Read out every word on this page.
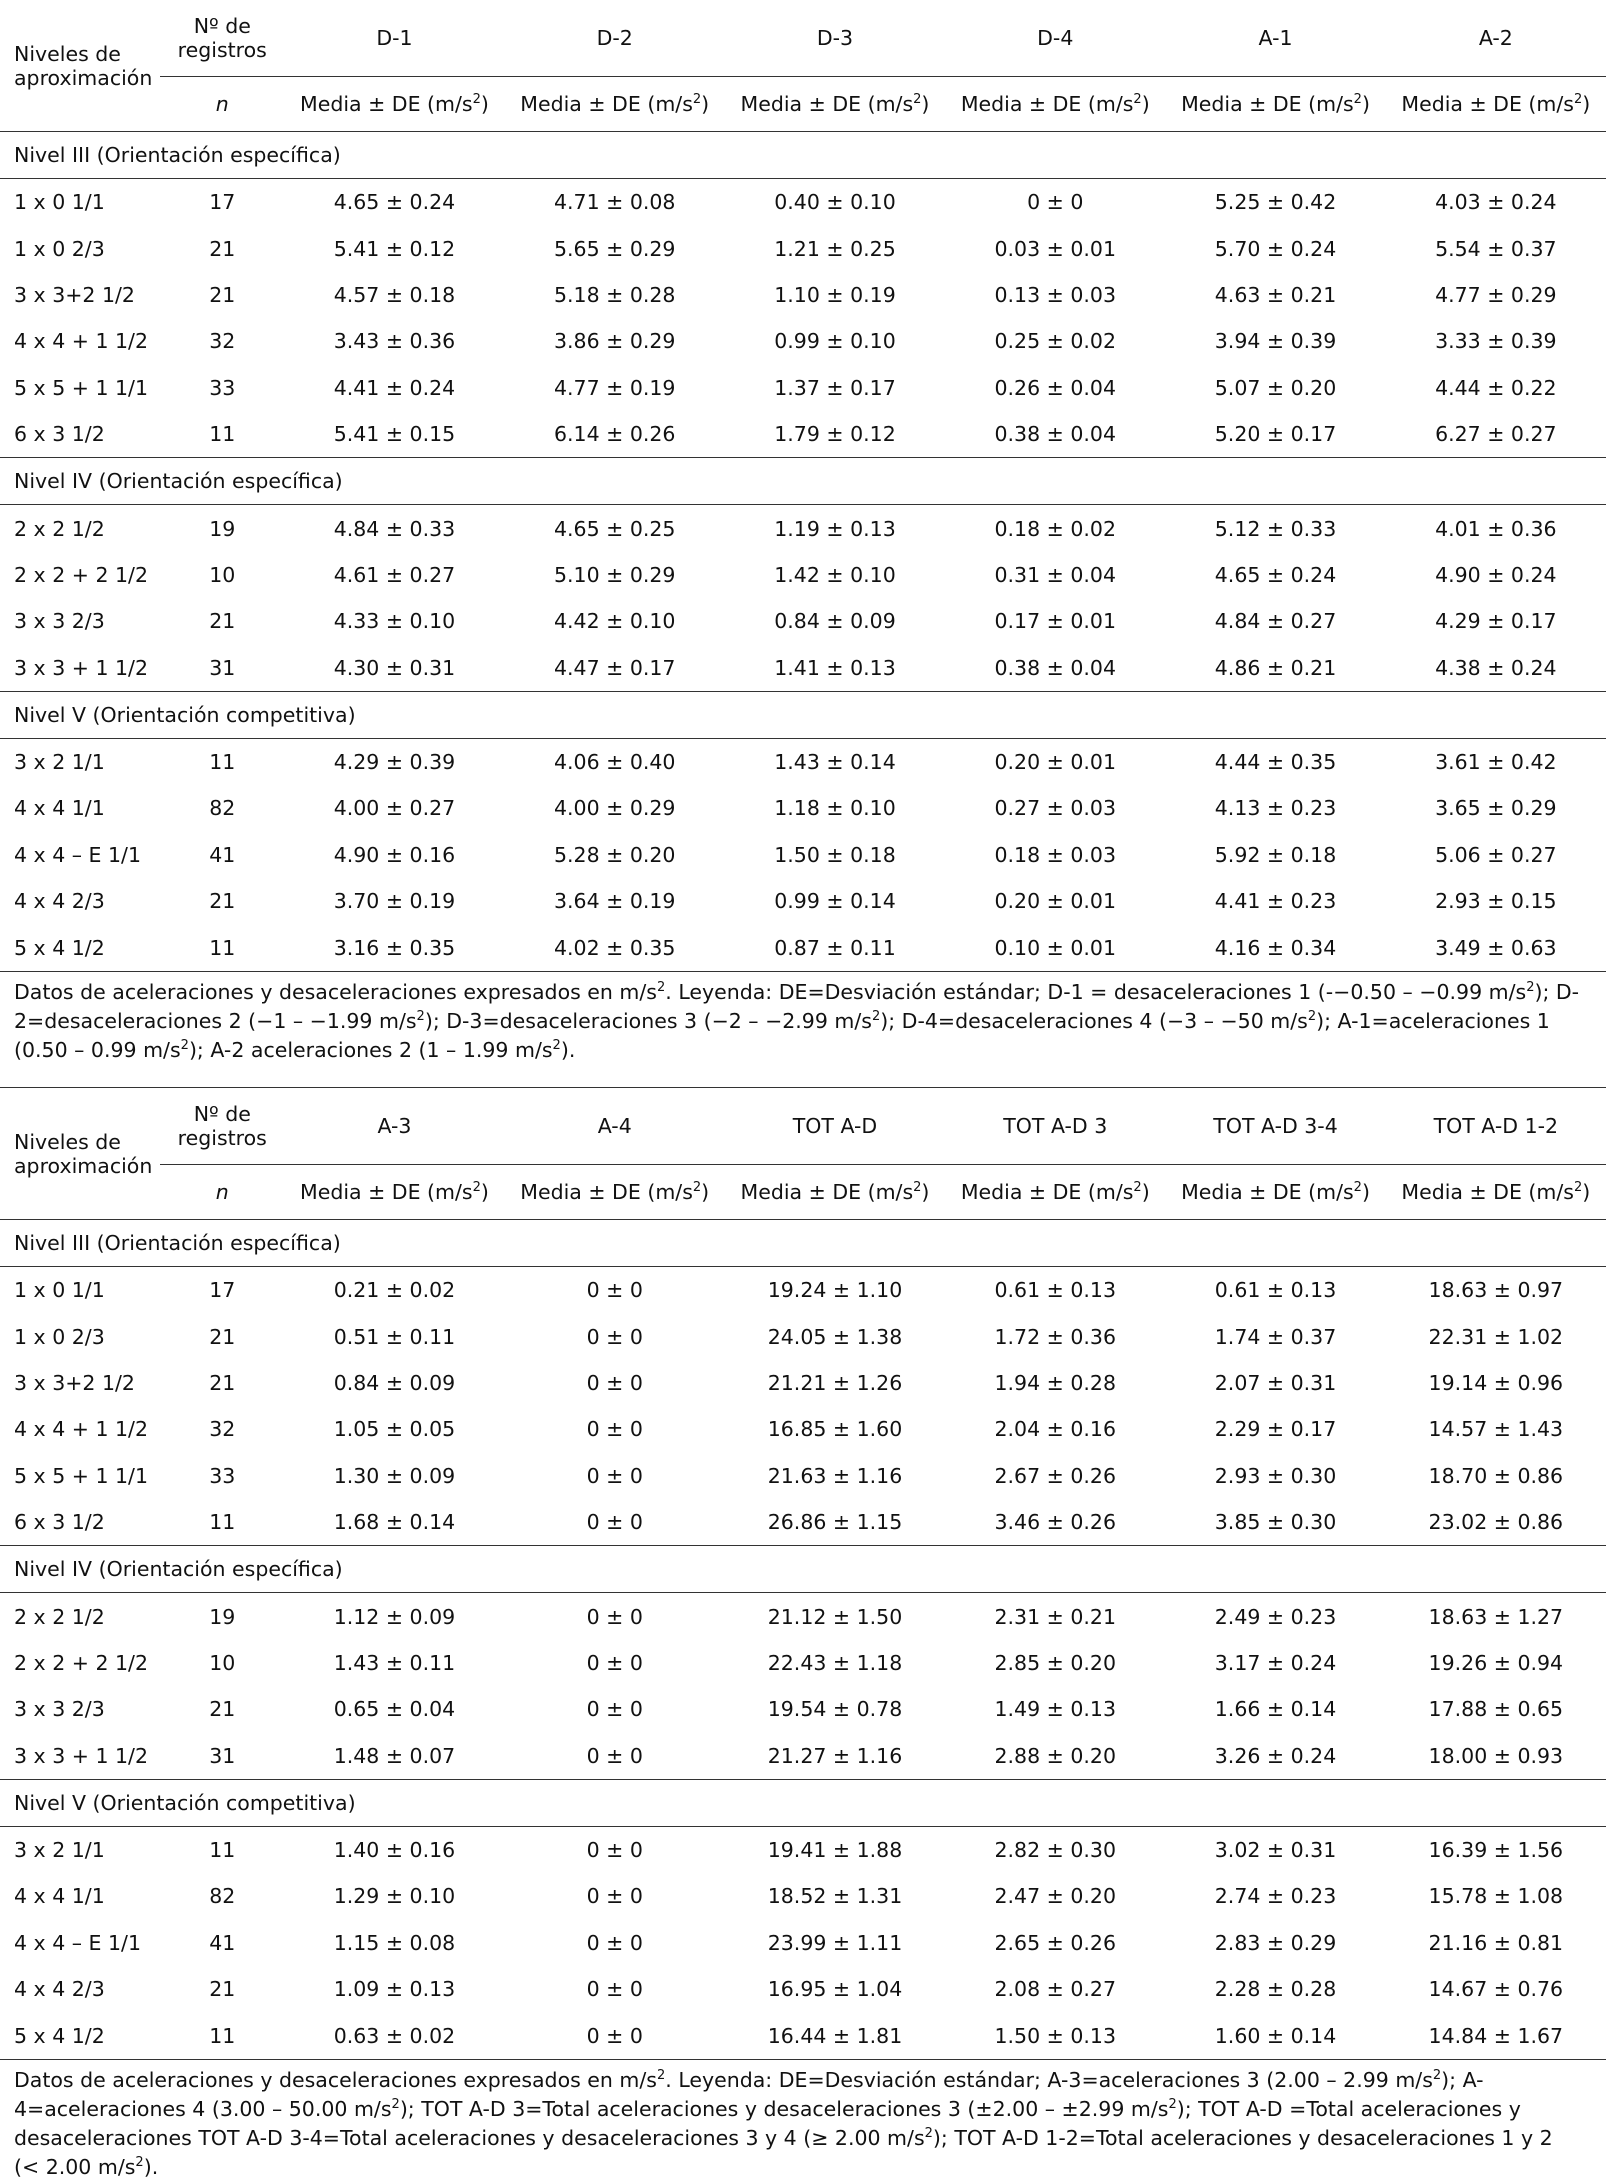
Niveles de aproximación	Nº de registros	D-1	D-2	D-3	D-4	A-1	A-2
	n	Media ± DE $(m/s^2)$	Media ± DE $(m/s^2)$	Media ± DE $(m/s^2)$	Media ± DE $(m/s^2)$	Media ± DE $(m/s^2)$	Media ± DE $(m/s^2)$
Nivel III (Orientación específica)							
1 x 0 1/1	17	4.65 ± 0.24	4.71 ± 0.08	0.40 ± 0.10	0 ± 0	5.25 ± 0.42	4.03 ± 0.24
1 x 0 2/3	21	5.41 ± 0.12	5.65 ± 0.29	1.21 ± 0.25	0.03 ± 0.01	5.70 ± 0.24	5.54 ± 0.37
3 x 3+2 1/2	21	4.57 ± 0.18	5.18 ± 0.28	1.10 ± 0.19	0.13 ± 0.03	4.63 ± 0.21	4.77 ± 0.29
4 x 4 + 1 1/2	32	3.43 ± 0.36	3.86 ± 0.29	0.99 ± 0.10	0.25 ± 0.02	3.94 ± 0.39	3.33 ± 0.39
5 x 5 + 1 1/1	33	4.41 ± 0.24	4.77 ± 0.19	1.37 ± 0.17	0.26 ± 0.04	5.07 ± 0.20	4.44 ± 0.22
6 x 3 1/2	11	5.41 ± 0.15	6.14 ± 0.26	1.79 ± 0.12	0.38 ± 0.04	5.20 ± 0.17	6.27 ± 0.27
Nivel IV (Orientación específica)							
2 x 2 1/2	19	4.84 ± 0.33	4.65 ± 0.25	1.19 ± 0.13	0.18 ± 0.02	5.12 ± 0.33	4.01 ± 0.36
2 x 2 + 2 1/2	10	4.61 ± 0.27	5.10 ± 0.29	1.42 ± 0.10	0.31 ± 0.04	4.65 ± 0.24	4.90 ± 0.24
3 x 3 2/3	21	4.33 ± 0.10	4.42 ± 0.10	0.84 ± 0.09	0.17 ± 0.01	4.84 ± 0.27	4.29 ± 0.17
3 x 3 + 1 1/2	31	4.30 ± 0.31	4.47 ± 0.17	1.41 ± 0.13	0.38 ± 0.04	4.86 ± 0.21	4.38 ± 0.24
Nivel V (Orientación competitiva)							
3 x 2 1/1	11	4.29 ± 0.39	4.06 ± 0.40	1.43 ± 0.14	0.20 ± 0.01	4.44 ± 0.35	3.61 ± 0.42
4 x 4 1/1	82	4.00 ± 0.27	4.00 ± 0.29	1.18 ± 0.10	0.27 ± 0.03	4.13 ± 0.23	3.65 ± 0.29
4 x 4 – E 1/1	41	4.90 ± 0.16	5.28 ± 0.20	1.50 ± 0.18	0.18 ± 0.03	5.92 ± 0.18	5.06 ± 0.27
4 x 4 2/3	21	3.70 ± 0.19	3.64 ± 0.19	0.99 ± 0.14	0.20 ± 0.01	4.41 ± 0.23	2.93 ± 0.15
5 x 4 1/2	11	3.16 ± 0.35	4.02 ± 0.35	0.87 ± 0.11	0.10 ± 0.01	4.16 ± 0.34	3.49 ± 0.63
Datos de aceleraciones y desaceleraciones expresados en $m/s^2$. Leyenda: DE=Desviación estándar; D-1 = desaceleraciones 1 (-−0.50 – −0.99 $m/s^2$); D-
2=desaceleraciones 2 (−1 – −1.99 $m/s^2$); D-3=desaceleraciones 3 (−2 – −2.99 $m/s^2$); D-4=desaceleraciones 4 (−3 – −50 $m/s^2$); A-1=aceleraciones 1
(0.50 – 0.99 $m/s^2$); A-2 aceleraciones 2 (1 – 1.99 $m/s^2$).
Niveles de aproximación	Nº de registros	A-3	A-4	TOT A-D	TOT A-D 3	TOT A-D 3-4	TOT A-D 1-2
	n	Media ± DE $(m/s^2)$	Media ± DE $(m/s^2)$	Media ± DE $(m/s^2)$	Media ± DE $(m/s^2)$	Media ± DE $(m/s^2)$	Media ± DE $(m/s^2)$
Nivel III (Orientación específica)							
1 x 0 1/1	17	0.21 ± 0.02	0 ± 0	19.24 ± 1.10	0.61 ± 0.13	0.61 ± 0.13	18.63 ± 0.97
1 x 0 2/3	21	0.51 ± 0.11	0 ± 0	24.05 ± 1.38	1.72 ± 0.36	1.74 ± 0.37	22.31 ± 1.02
3 x 3+2 1/2	21	0.84 ± 0.09	0 ± 0	21.21 ± 1.26	1.94 ± 0.28	2.07 ± 0.31	19.14 ± 0.96
4 x 4 + 1 1/2	32	1.05 ± 0.05	0 ± 0	16.85 ± 1.60	2.04 ± 0.16	2.29 ± 0.17	14.57 ± 1.43
5 x 5 + 1 1/1	33	1.30 ± 0.09	0 ± 0	21.63 ± 1.16	2.67 ± 0.26	2.93 ± 0.30	18.70 ± 0.86
6 x 3 1/2	11	1.68 ± 0.14	0 ± 0	26.86 ± 1.15	3.46 ± 0.26	3.85 ± 0.30	23.02 ± 0.86
Nivel IV (Orientación específica)							
2 x 2 1/2	19	1.12 ± 0.09	0 ± 0	21.12 ± 1.50	2.31 ± 0.21	2.49 ± 0.23	18.63 ± 1.27
2 x 2 + 2 1/2	10	1.43 ± 0.11	0 ± 0	22.43 ± 1.18	2.85 ± 0.20	3.17 ± 0.24	19.26 ± 0.94
3 x 3 2/3	21	0.65 ± 0.04	0 ± 0	19.54 ± 0.78	1.49 ± 0.13	1.66 ± 0.14	17.88 ± 0.65
3 x 3 + 1 1/2	31	1.48 ± 0.07	0 ± 0	21.27 ± 1.16	2.88 ± 0.20	3.26 ± 0.24	18.00 ± 0.93
Nivel V (Orientación competitiva)							
3 x 2 1/1	11	1.40 ± 0.16	0 ± 0	19.41 ± 1.88	2.82 ± 0.30	3.02 ± 0.31	16.39 ± 1.56
4 x 4 1/1	82	1.29 ± 0.10	0 ± 0	18.52 ± 1.31	2.47 ± 0.20	2.74 ± 0.23	15.78 ± 1.08
4 x 4 – E 1/1	41	1.15 ± 0.08	0 ± 0	23.99 ± 1.11	2.65 ± 0.26	2.83 ± 0.29	21.16 ± 0.81
4 x 4 2/3	21	1.09 ± 0.13	0 ± 0	16.95 ± 1.04	2.08 ± 0.27	2.28 ± 0.28	14.67 ± 0.76
5 x 4 1/2	11	0.63 ± 0.02	0 ± 0	16.44 ± 1.81	1.50 ± 0.13	1.60 ± 0.14	14.84 ± 1.67
Datos de aceleraciones y desaceleraciones expresados en $m/s^2$. Leyenda: DE=Desviación estándar; A-3=aceleraciones 3 (2.00 – 2.99 $m/s^2$); A-
4=aceleraciones 4 (3.00 – 50.00 $m/s^2$); TOT A-D 3=Total aceleraciones y desaceleraciones 3 (±2.00 – ±2.99 $m/s^2$); TOT A-D =Total aceleraciones y
desaceleraciones TOT A-D 3-4=Total aceleraciones y desaceleraciones 3 y 4 (≥ 2.00 $m/s^2$); TOT A-D 1-2=Total aceleraciones y desaceleraciones 1 y 2
(< 2.00 $m/s^2$).
